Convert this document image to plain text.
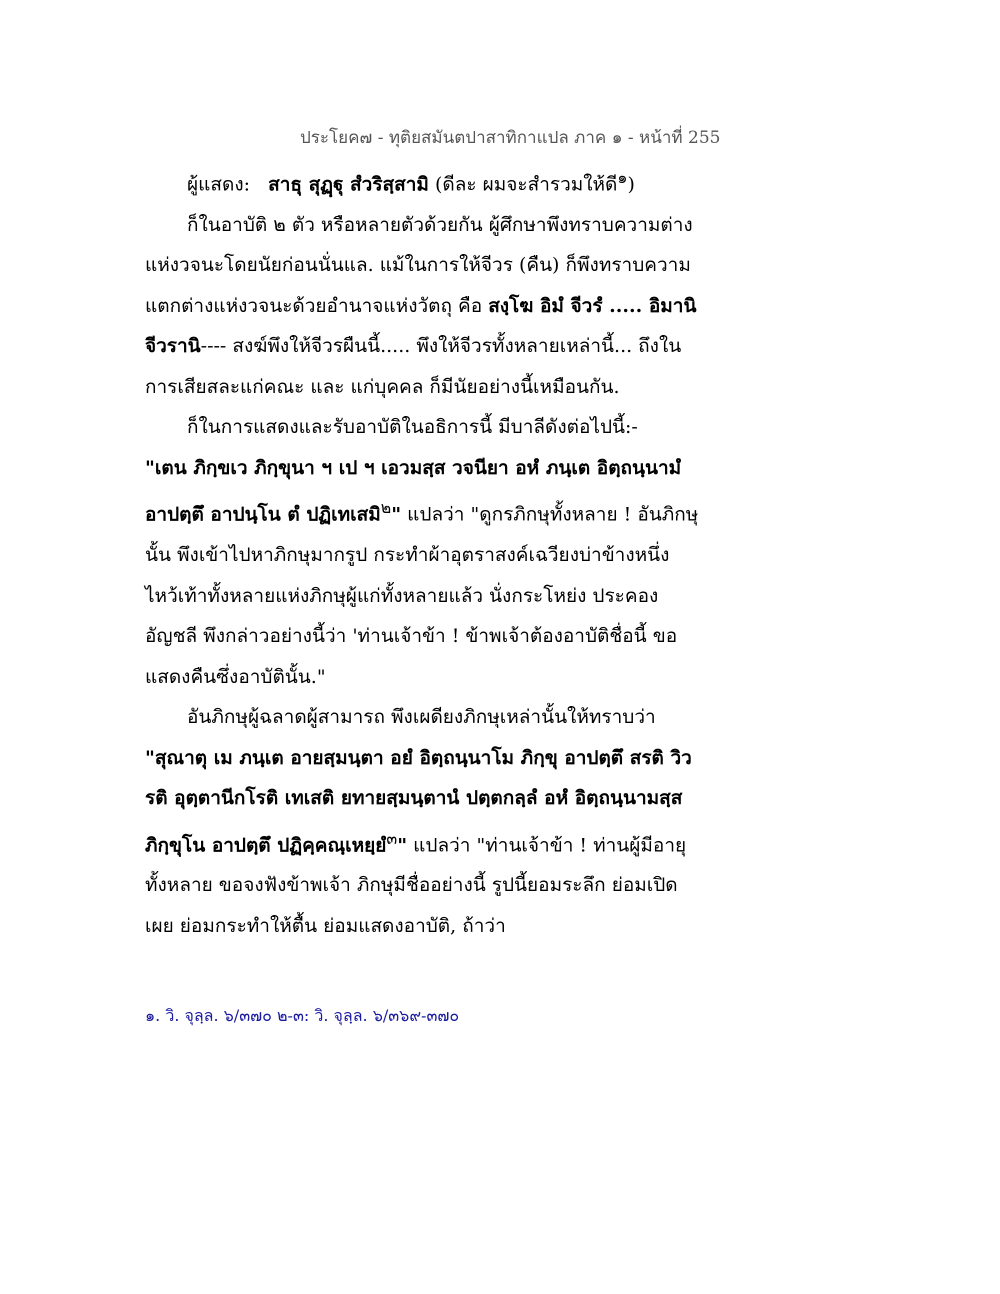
ประโยค๗ - ทุติยสมันตปาสาทิกาแปล ภาค ๑ - หน้าที่ 255

ผู้แสดง: สาธุ สุฏฺฐุ สํวริสฺสามิ (ดีละ ผมจะสำรวมให้ดี$^๑$)

ก็ในอาบัติ ๒ ตัว หรือหลายตัวด้วยกัน ผู้ศึกษาพึงทราบความต่างแห่งวจนะโดยนัยก่อนนั่นแล. แม้ในการให้จีวร (คืน) ก็พึงทราบความแตกต่างแห่งวจนะด้วยอำนาจแห่งวัตถุ คือ สงฺโฆ อิมํ จีวรํ ..... อิมานิ จีวรานิ---- สงฆ์พึงให้จีวรผืนนี้..... พึงให้จีวรทั้งหลายเหล่านี้... ถึงในการเสียสละแก่คณะ และ แก่บุคคล ก็มีนัยอย่างนี้เหมือนกัน.

ก็ในการแสดงและรับอาบัติในอธิการนี้ มีบาลีดังต่อไปนี้:-

"เตน ภิกฺขเว ภิกฺขุนา ฯ เป ฯ เอวมสฺส วจนียา อหํ ภนฺเต อิตฺถนฺนามํ อาปตฺตึ อาปนฺโน ตํ ปฏิเทเสมิ$^๒$" แปลว่า "ดูกรภิกษุทั้งหลาย ! อันภิกษุนั้น พึงเข้าไปหาภิกษุมากรูป กระทำผ้าอุตราสงค์เฉวียงบ่าข้างหนึ่ง ไหว้เท้าทั้งหลายแห่งภิกษุผู้แก่ทั้งหลายแล้ว นั่งกระโหย่ง ประคองอัญชลี พึงกล่าวอย่างนี้ว่า 'ท่านเจ้าข้า ! ข้าพเจ้าต้องอาบัติชื่อนี้ ขอแสดงคืนซึ่งอาบัตินั้น."

อันภิกษุผู้ฉลาดผู้สามารถ พึงเผดียงภิกษุเหล่านั้นให้ทราบว่า

"สุณาตุ เม ภนฺเต อายสฺมนฺตา อยํ อิตฺถนฺนาโม ภิกฺขุ อาปตฺตึ สรติ วิวรติ อุตฺตานีกโรติ เทเสติ ยทายสฺมนฺตานํ ปตฺตกลฺลํ อหํ อิตฺถนฺนามสฺส ภิกฺขุโน อาปตฺตึ ปฏิคฺคณฺเหยฺยํ$^๓$" แปลว่า "ท่านเจ้าข้า ! ท่านผู้มีอายุทั้งหลาย ขอจงฟังข้าพเจ้า ภิกษุมีชื่ออย่างนี้ รูปนี้ยอมระลึก ย่อมเปิดเผย ย่อมกระทำให้ตื้น ย่อมแสดงอาบัติ, ถ้าว่า

๑. วิ. จุลฺล. ๖/๓๗๐ ๒-๓: วิ. จุลฺล. ๖/๓๖๙-๓๗๐
